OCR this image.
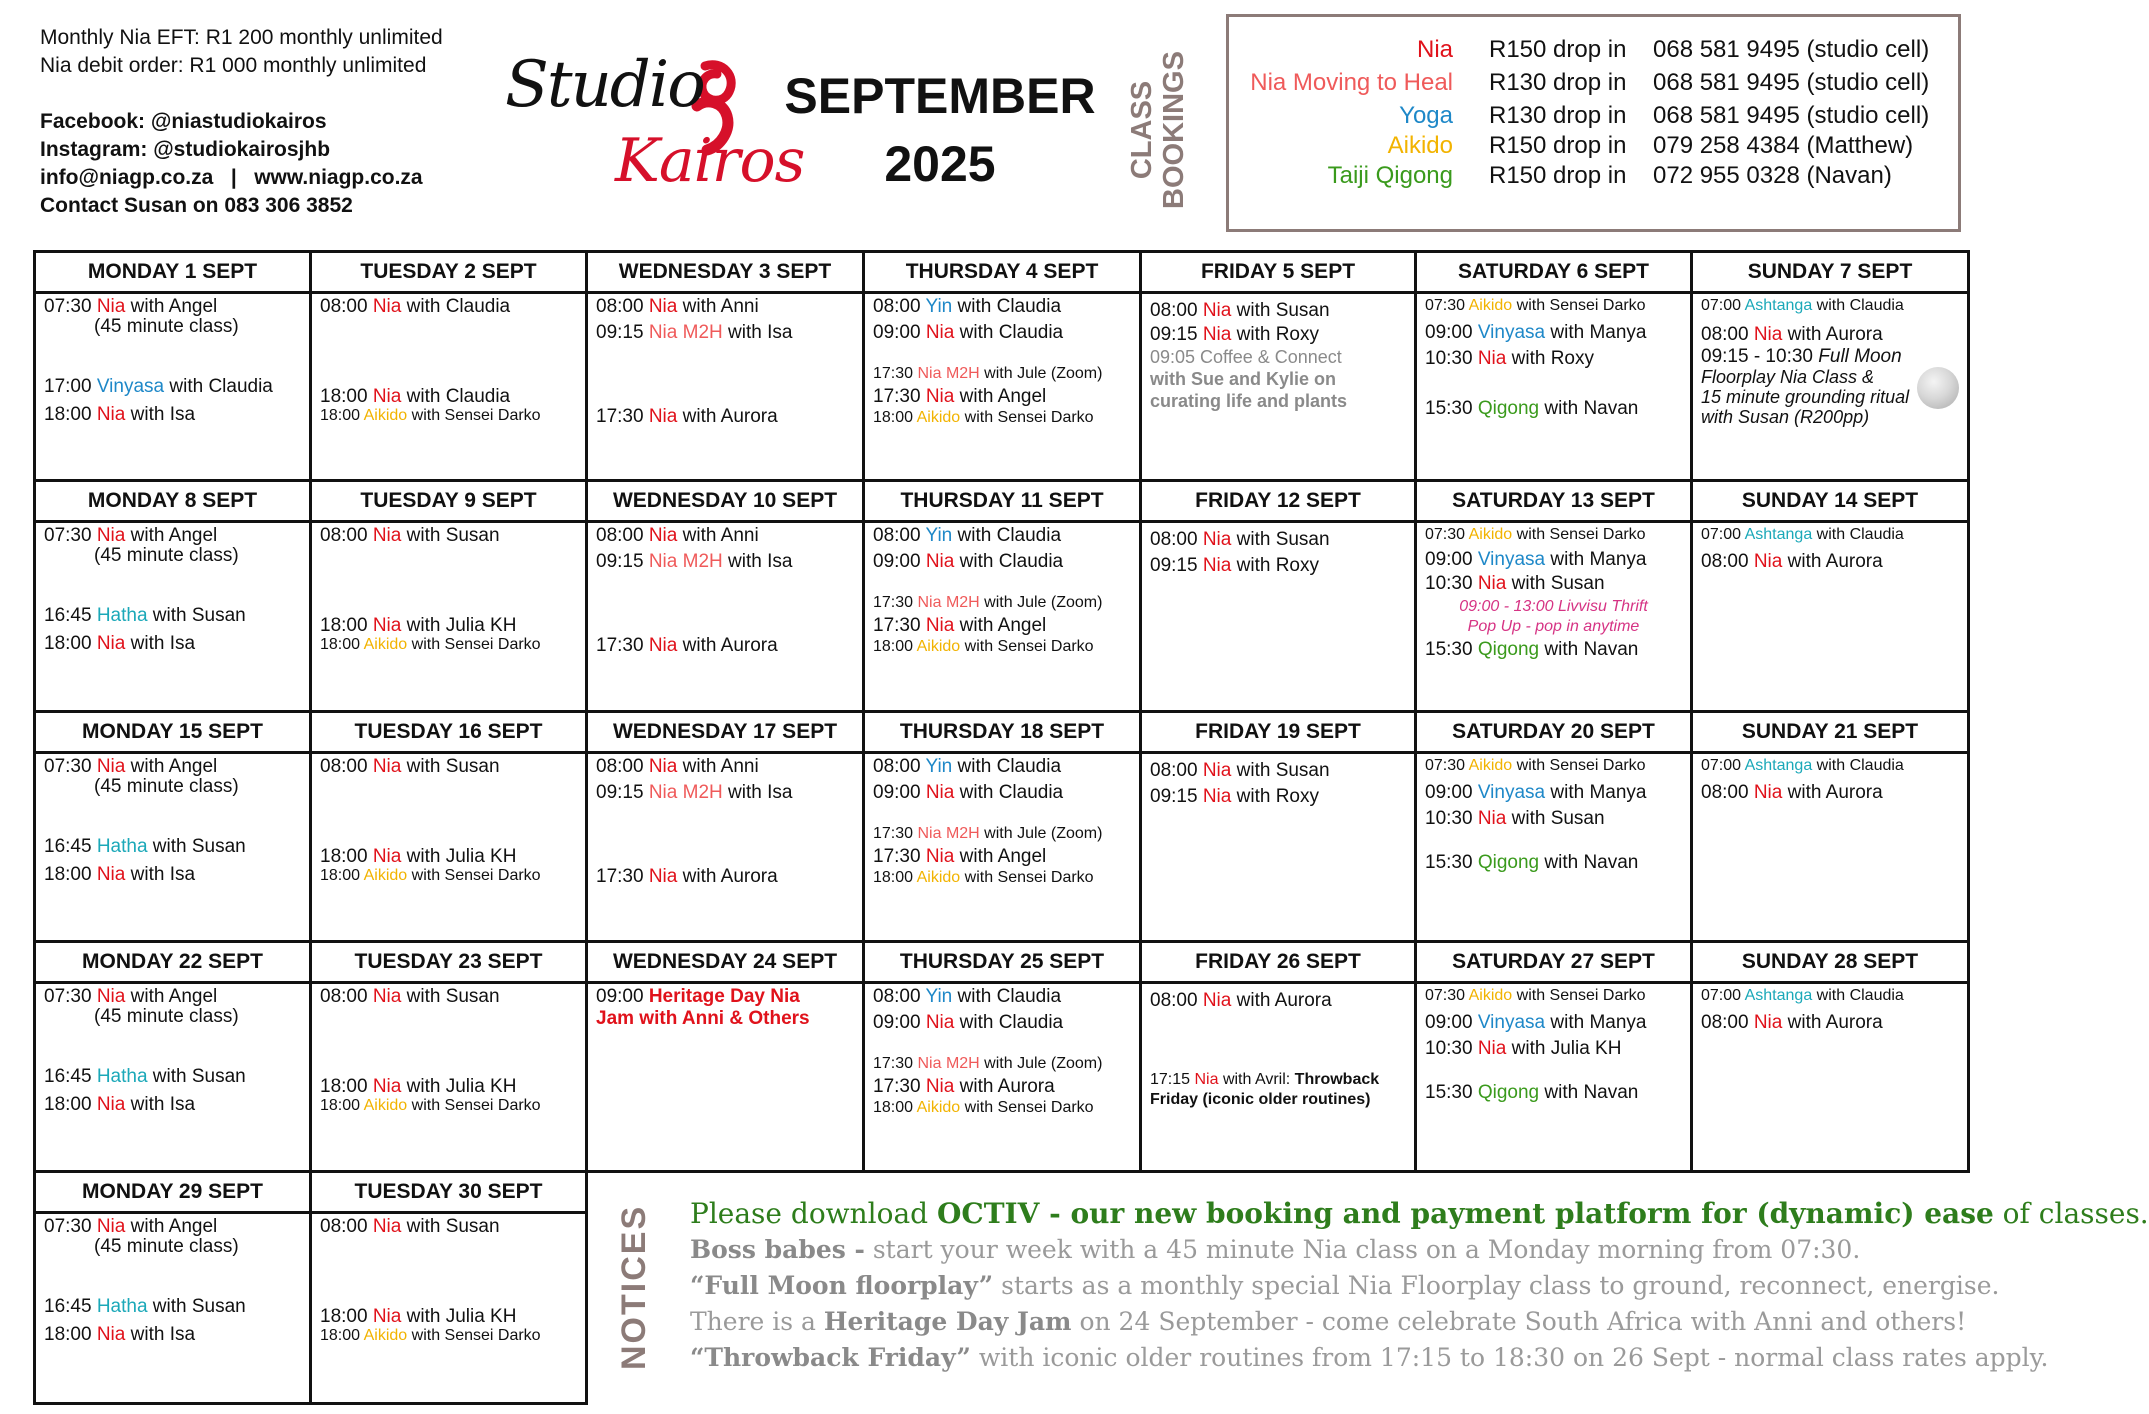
Monthly Nia EFT: R1 200 monthly unlimited
Nia debit order: R1 000 monthly unlimited
Facebook: @niastudiokairos
Instagram: @studiokairosjhb
info@niagp.co.za   |   www.niagp.co.za
Contact Susan on 083 306 3852
Studio
Kairos
SEPTEMBER
2025	CLASS
BOOKINGS
Nia R150 drop in 068 581 9495 (studio cell)
Nia Moving to Heal R130 drop in 068 581 9495 (studio cell)
Yoga R130 drop in 068 581 9495 (studio cell)
Aikido R150 drop in 079 258 4384 (Matthew)
Taiji Qigong R150 drop in 072 955 0328 (Navan)
MONDAY 1 SEPT
07:30 Nia with Angel
(45 minute class)
17:00 Vinyasa with Claudia
18:00 Nia with Isa
TUESDAY 2 SEPT
08:00 Nia with Claudia
18:00 Nia with Claudia
18:00 Aikido with Sensei Darko
WEDNESDAY 3 SEPT
08:00 Nia with Anni
09:15 Nia M2H with Isa
17:30 Nia with Aurora
THURSDAY 4 SEPT
08:00 Yin with Claudia
09:00 Nia with Claudia
17:30 Nia M2H with Jule (Zoom)
17:30 Nia with Angel
18:00 Aikido with Sensei Darko
FRIDAY 5 SEPT
08:00 Nia with Susan
09:15 Nia with Roxy
09:05 Coffee & Connect
with Sue and Kylie on
curating life and plants
SATURDAY 6 SEPT
07:30 Aikido with Sensei Darko
09:00 Vinyasa with Manya
10:30 Nia with Roxy
15:30 Qigong with Navan
SUNDAY 7 SEPT
07:00 Ashtanga with Claudia
08:00 Nia with Aurora
09:15 - 10:30 Full Moon
Floorplay Nia Class &
15 minute grounding ritual
with Susan (R200pp)
MONDAY 8 SEPT
07:30 Nia with Angel
(45 minute class)
16:45 Hatha with Susan
18:00 Nia with Isa
TUESDAY 9 SEPT
08:00 Nia with Susan
18:00 Nia with Julia KH
18:00 Aikido with Sensei Darko
WEDNESDAY 10 SEPT
08:00 Nia with Anni
09:15 Nia M2H with Isa
17:30 Nia with Aurora
THURSDAY 11 SEPT
08:00 Yin with Claudia
09:00 Nia with Claudia
17:30 Nia M2H with Jule (Zoom)
17:30 Nia with Angel
18:00 Aikido with Sensei Darko
FRIDAY 12 SEPT
08:00 Nia with Susan
09:15 Nia with Roxy
SATURDAY 13 SEPT
07:30 Aikido with Sensei Darko
09:00 Vinyasa with Manya
10:30 Nia with Susan
09:00 - 13:00 Livvisu Thrift
Pop Up - pop in anytime
15:30 Qigong with Navan
SUNDAY 14 SEPT
07:00 Ashtanga with Claudia
08:00 Nia with Aurora
MONDAY 15 SEPT
07:30 Nia with Angel
(45 minute class)
16:45 Hatha with Susan
18:00 Nia with Isa
TUESDAY 16 SEPT
08:00 Nia with Susan
18:00 Nia with Julia KH
18:00 Aikido with Sensei Darko
WEDNESDAY 17 SEPT
08:00 Nia with Anni
09:15 Nia M2H with Isa
17:30 Nia with Aurora
THURSDAY 18 SEPT
08:00 Yin with Claudia
09:00 Nia with Claudia
17:30 Nia M2H with Jule (Zoom)
17:30 Nia with Angel
18:00 Aikido with Sensei Darko
FRIDAY 19 SEPT
08:00 Nia with Susan
09:15 Nia with Roxy
SATURDAY 20 SEPT
07:30 Aikido with Sensei Darko
09:00 Vinyasa with Manya
10:30 Nia with Susan
15:30 Qigong with Navan
SUNDAY 21 SEPT
07:00 Ashtanga with Claudia
08:00 Nia with Aurora
MONDAY 22 SEPT
07:30 Nia with Angel
(45 minute class)
16:45 Hatha with Susan
18:00 Nia with Isa
TUESDAY 23 SEPT
08:00 Nia with Susan
18:00 Nia with Julia KH
18:00 Aikido with Sensei Darko
WEDNESDAY 24 SEPT
09:00 Heritage Day Nia
Jam with Anni & Others
THURSDAY 25 SEPT
08:00 Yin with Claudia
09:00 Nia with Claudia
17:30 Nia M2H with Jule (Zoom)
17:30 Nia with Aurora
18:00 Aikido with Sensei Darko
FRIDAY 26 SEPT
08:00 Nia with Aurora
17:15 Nia with Avril: Throwback
Friday (iconic older routines)
SATURDAY 27 SEPT
07:30 Aikido with Sensei Darko
09:00 Vinyasa with Manya
10:30 Nia with Julia KH
15:30 Qigong with Navan
SUNDAY 28 SEPT
07:00 Ashtanga with Claudia
08:00 Nia with Aurora
MONDAY 29 SEPT
07:30 Nia with Angel
(45 minute class)
16:45 Hatha with Susan
18:00 Nia with Isa
TUESDAY 30 SEPT
08:00 Nia with Susan
18:00 Nia with Julia KH
18:00 Aikido with Sensei Darko	NOTICES Please download OCTIV - our new booking and payment platform for (dynamic) ease of classes.
Boss babes - start your week with a 45 minute Nia class on a Monday morning from 07:30.
“Full Moon floorplay” starts as a monthly special Nia Floorplay class to ground, reconnect, energise.
There is a Heritage Day Jam on 24 September - come celebrate South Africa with Anni and others!
“Throwback Friday” with iconic older routines from 17:15 to 18:30 on 26 Sept - normal class rates apply.
